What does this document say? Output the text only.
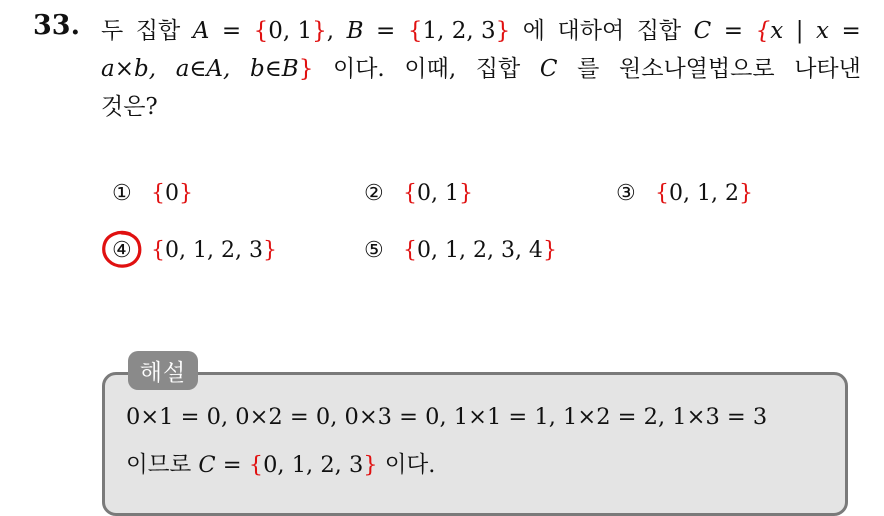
33. 두 집합 A = {0, 1}, B = {1, 2, 3} 에 대하여 집합 C = {x | x =
a×b, a∈A, b∈B} 이다. 이때, 집합 C 를 원소나열법으로 나타낸
것은?
① {0}	② {0, 1}	③ {0, 1, 2}
④ {0, 1, 2, 3}	⑤ {0, 1, 2, 3, 4}
해설
0×1 = 0, 0×2 = 0, 0×3 = 0, 1×1 = 1, 1×2 = 2, 1×3 = 3
이므로 C = {0, 1, 2, 3} 이다.
